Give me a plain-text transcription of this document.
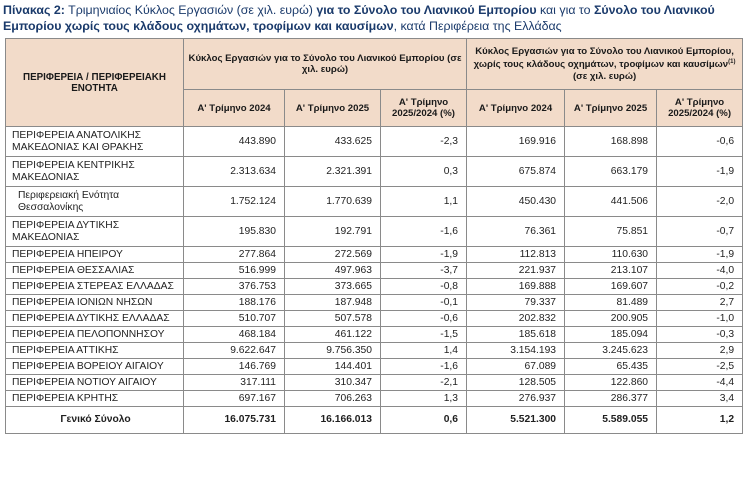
Πίνακας 2: Τριμηνιαίος Κύκλος Εργασιών (σε χιλ. ευρώ) για το Σύνολο του Λιανικού Εμπορίου και για το Σύνολο του Λιανικού Εμπορίου χωρίς τους κλάδους οχημάτων, τροφίμων και καυσίμων, κατά Περιφέρεια της Ελλάδας
ΠΕΡΙΦΕΡΕΙΑ / ΠΕΡΙΦΕΡΕΙΑΚΗ ΕΝΟΤΗΤΑ	Κύκλος Εργασιών για το Σύνολο του Λιανικού Εμπορίου (σε χιλ. ευρώ)			Κύκλος Εργασιών για το Σύνολο του Λιανικού Εμπορίου, χωρίς τους κλάδους οχημάτων, τροφίμων και καυσίμων$^{(1)}$
(σε χιλ. ευρώ)		
	Α' Τρίμηνο 2024	Α' Τρίμηνο 2025	Α' Τρίμηνο 2025/2024 (%)	Α' Τρίμηνο 2024	Α' Τρίμηνο 2025	Α' Τρίμηνο 2025/2024 (%)
ΠΕΡΙΦΕΡΕΙΑ ΑΝΑΤΟΛΙΚΗΣ ΜΑΚΕΔΟΝΙΑΣ ΚΑΙ ΘΡΑΚΗΣ	443.890	433.625	-2,3	169.916	168.898	-0,6
ΠΕΡΙΦΕΡΕΙΑ ΚΕΝΤΡΙΚΗΣ ΜΑΚΕΔΟΝΙΑΣ	2.313.634	2.321.391	0,3	675.874	663.179	-1,9
Περιφερειακή Ενότητα Θεσσαλονίκης	1.752.124	1.770.639	1,1	450.430	441.506	-2,0
ΠΕΡΙΦΕΡΕΙΑ ΔΥΤΙΚΗΣ ΜΑΚΕΔΟΝΙΑΣ	195.830	192.791	-1,6	76.361	75.851	-0,7
ΠΕΡΙΦΕΡΕΙΑ ΗΠΕΙΡΟΥ	277.864	272.569	-1,9	112.813	110.630	-1,9
ΠΕΡΙΦΕΡΕΙΑ ΘΕΣΣΑΛΙΑΣ	516.999	497.963	-3,7	221.937	213.107	-4,0
ΠΕΡΙΦΕΡΕΙΑ ΣΤΕΡΕΑΣ ΕΛΛΑΔΑΣ	376.753	373.665	-0,8	169.888	169.607	-0,2
ΠΕΡΙΦΕΡΕΙΑ ΙΟΝΙΩΝ ΝΗΣΩΝ	188.176	187.948	-0,1	79.337	81.489	2,7
ΠΕΡΙΦΕΡΕΙΑ ΔΥΤΙΚΗΣ ΕΛΛΑΔΑΣ	510.707	507.578	-0,6	202.832	200.905	-1,0
ΠΕΡΙΦΕΡΕΙΑ ΠΕΛΟΠΟΝΝΗΣΟΥ	468.184	461.122	-1,5	185.618	185.094	-0,3
ΠΕΡΙΦΕΡΕΙΑ ΑΤΤΙΚΗΣ	9.622.647	9.756.350	1,4	3.154.193	3.245.623	2,9
ΠΕΡΙΦΕΡΕΙΑ ΒΟΡΕΙΟΥ ΑΙΓΑΙΟΥ	146.769	144.401	-1,6	67.089	65.435	-2,5
ΠΕΡΙΦΕΡΕΙΑ ΝΟΤΙΟΥ ΑΙΓΑΙΟΥ	317.111	310.347	-2,1	128.505	122.860	-4,4
ΠΕΡΙΦΕΡΕΙΑ ΚΡΗΤΗΣ	697.167	706.263	1,3	276.937	286.377	3,4
Γενικό Σύνολο	16.075.731	16.166.013	0,6	5.521.300	5.589.055	1,2
